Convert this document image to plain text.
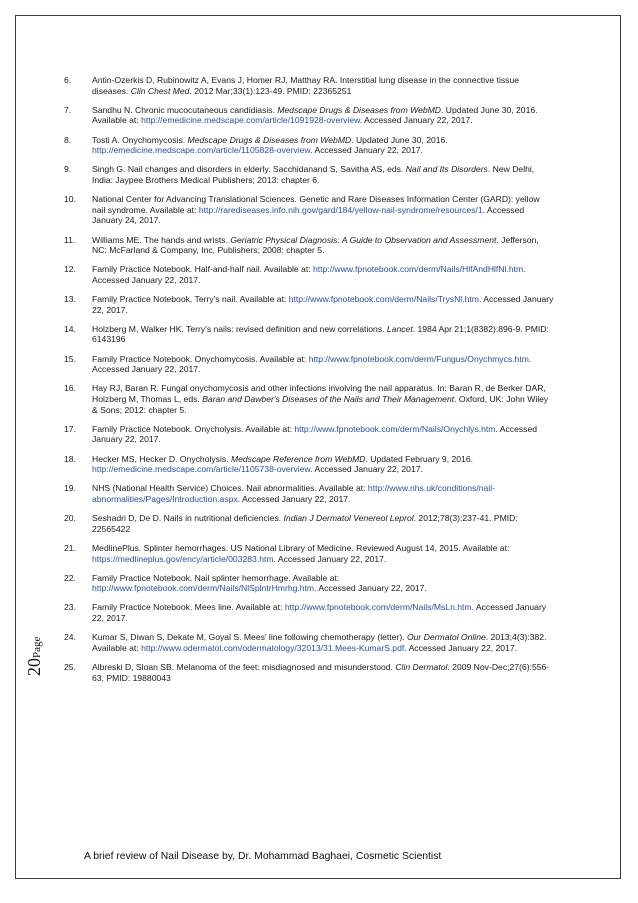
6. Antin-Ozerkis D, Rubinowitz A, Evans J, Homer RJ, Matthay RA. Interstitial lung disease in the connective tissue diseases. Clin Chest Med. 2012 Mar;33(1):123-49. PMID: 22365251
7. Sandhu N. Chronic mucocutaneous candidiasis. Medscape Drugs & Diseases from WebMD. Updated June 30, 2016. Available at: http://emedicine.medscape.com/article/1091928-overview. Accessed January 22, 2017.
8. Tosti A. Onychomycosis. Medscape Drugs & Diseases from WebMD. Updated June 30, 2016. http://emedicine.medscape.com/article/1105828-overview. Accessed January 22, 2017.
9. Singh G. Nail changes and disorders in elderly. Sacchidanand S, Savitha AS, eds. Nail and Its Disorders. New Delhi, India: Jaypee Brothers Medical Publishers; 2013: chapter 6.
10. National Center for Advancing Translational Sciences. Genetic and Rare Diseases Information Center (GARD): yellow nail syndrome. Available at: http://rarediseases.info.nih.gov/gard/184/yellow-nail-syndrome/resources/1. Accessed January 24, 2017.
11. Williams ME. The hands and wrists. Geriatric Physical Diagnosis: A Guide to Observation and Assessment. Jefferson, NC: McFarland & Company, Inc, Publishers; 2008: chapter 5.
12. Family Practice Notebook. Half-and-half nail. Available at: http://www.fpnotebook.com/derm/Nails/HlfAndHlfNl.htm. Accessed January 22, 2017.
13. Family Practice Notebook. Terry's nail. Available at: http://www.fpnotebook.com/derm/Nails/TrysNl.htm. Accessed January 22, 2017.
14. Holzberg M, Walker HK. Terry's nails: revised definition and new correlations. Lancet. 1984 Apr 21;1(8382):896-9. PMID: 6143196
15. Family Practice Notebook. Onychomycosis. Available at: http://www.fpnotebook.com/derm/Fungus/Onychmycs.htm. Accessed January 22, 2017.
16. Hay RJ, Baran R. Fungal onychomycosis and other infections involving the nail apparatus. In: Baran R, de Berker DAR, Holzberg M, Thomas L, eds. Baran and Dawber's Diseases of the Nails and Their Management. Oxford, UK: John Wiley & Sons; 2012: chapter 5.
17. Family Practice Notebook. Onycholysis. Available at: http://www.fpnotebook.com/derm/Nails/Onychlys.htm. Accessed January 22, 2017.
18. Hecker MS, Hecker D. Onycholysis. Medscape Reference from WebMD. Updated February 9, 2016. http://emedicine.medscape.com/article/1105738-overview. Accessed January 22, 2017.
19. NHS (National Health Service) Choices. Nail abnormalities. Available at: http://www.nhs.uk/conditions/nail-abnormalities/Pages/Introduction.aspx. Accessed January 22, 2017.
20. Seshadri D, De D. Nails in nutritional deficiencies. Indian J Dermatol Venereol Leprol. 2012;78(3):237-41. PMID: 22565422
21. MedlinePlus. Splinter hemorrhages. US National Library of Medicine. Reviewed August 14, 2015. Available at: https://medlineplus.gov/ency/article/003283.htm. Accessed January 22, 2017.
22. Family Practice Notebook. Nail splinter hemorrhage. Available at: http://www.fpnotebook.com/derm/Nails/NlSplntrHmrhg.htm. Accessed January 22, 2017.
23. Family Practice Notebook. Mees line. Available at: http://www.fpnotebook.com/derm/Nails/MsLn.htm. Accessed January 22, 2017.
24. Kumar S, Diwan S, Dekate M, Goyal S. Mees' line following chemotherapy (letter). Our Dermatol Online. 2013;4(3):382. Available at: http://www.odermatol.com/odermatology/32013/31.Mees-KumarS.pdf. Accessed January 22, 2017.
25. Albreski D, Sloan SB. Melanoma of the feet: misdiagnosed and misunderstood. Clin Dermatol. 2009 Nov-Dec;27(6):556-63. PMID: 19880043
20Page
A brief review of Nail Disease by, Dr. Mohammad Baghaei, Cosmetic Scientist
